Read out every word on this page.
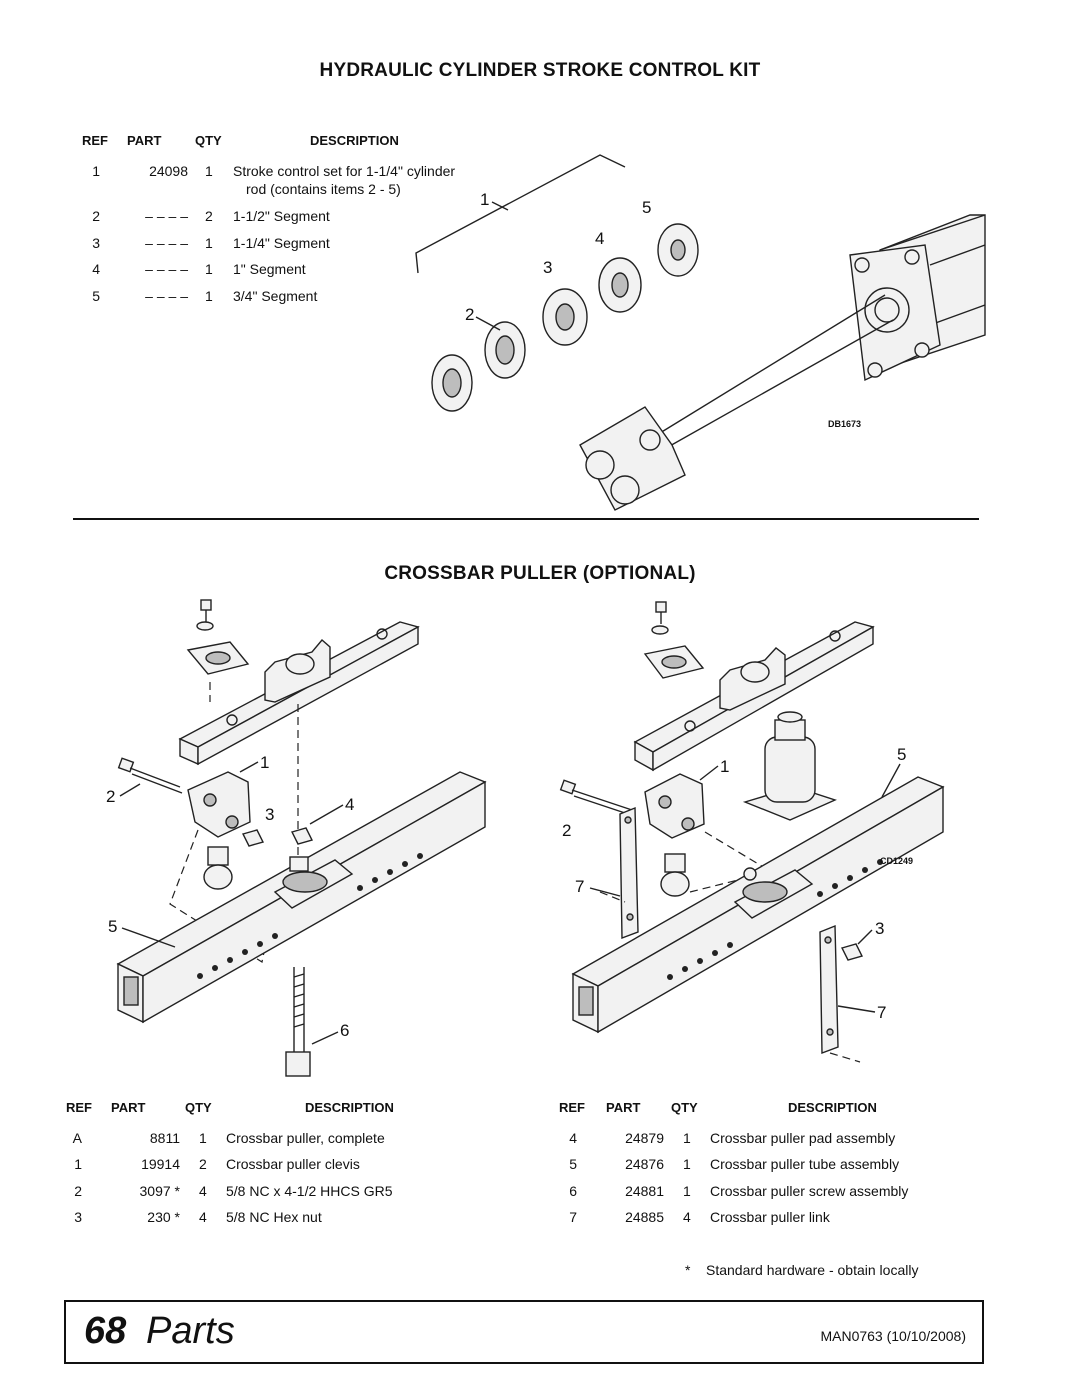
HYDRAULIC CYLINDER STROKE CONTROL KIT
REF PART	QTY	DESCRIPTION
1	24098 1 Stroke control set for 1-1/4" cylinder
rod (contains items 2 - 5)
2	– – – – 2 1-1/2" Segment
3	– – – – 1 1-1/4" Segment
4	– – – – 1 1" Segment
5	– – – – 1 3/4" Segment
1
2
3
4
5
DB1673
CROSSBAR PULLER (OPTIONAL)
1
2
3
4
5
6
1
2
7
5
3
7
CD1249
REF PART	QTY	DESCRIPTION
A	8811 1 Crossbar puller, complete
1	19914 2 Crossbar puller clevis
2	3097 * 4 5/8 NC x 4-1/2 HHCS GR5
3	230 * 4 5/8 NC Hex nut
REF PART QTY	DESCRIPTION
4	24879 1 Crossbar puller pad assembly
5	24876 1 Crossbar puller tube assembly
6	24881 1 Crossbar puller screw assembly
7	24885 4 Crossbar puller link
*    Standard hardware - obtain locally
68 Parts	MAN0763 (10/10/2008)
